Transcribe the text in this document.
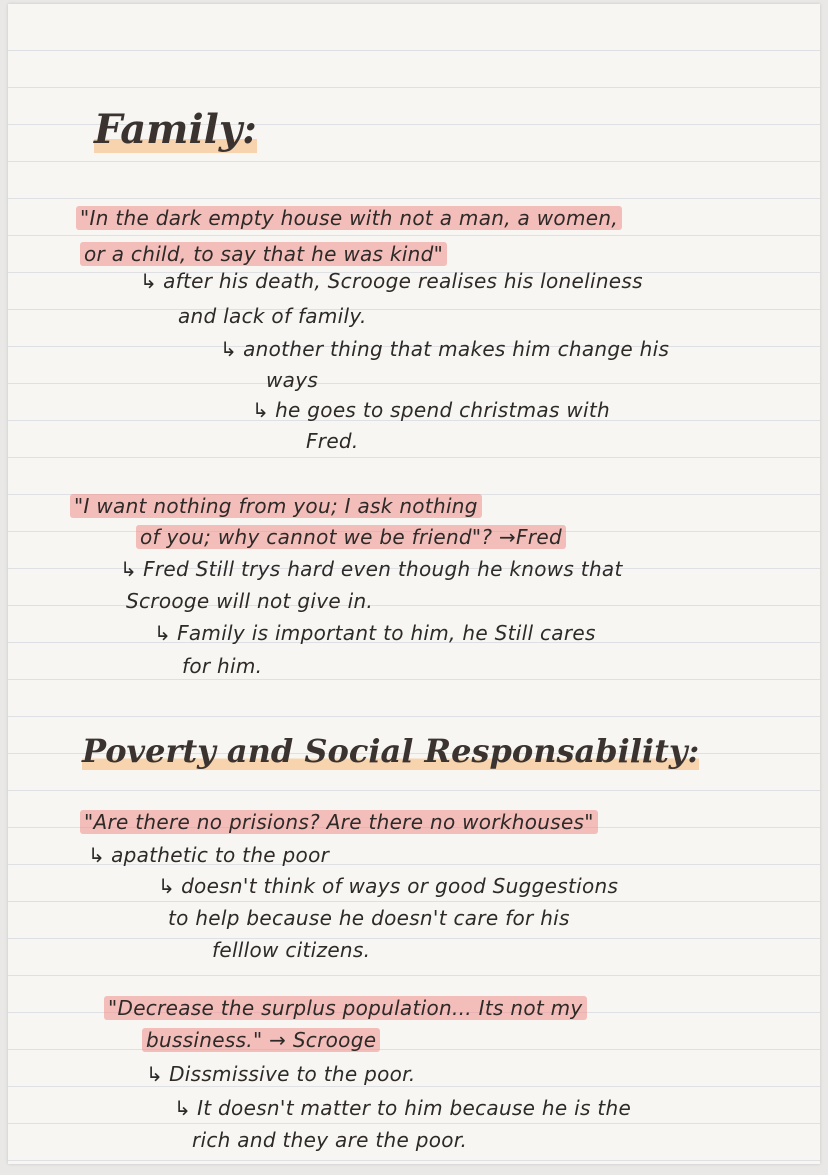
Family:

"In the dark empty house with not a man, a women,

or a child, to say that he was kind"

↳ after his death, Scrooge realises his loneliness

and lack of family.

↳ another thing that makes him change his

ways

↳ he goes to spend christmas with

Fred.

"I want nothing from you; I ask nothing

of you; why cannot we be friend"? →Fred

↳ Fred Still trys hard even though he knows that

Scrooge will not give in.

↳ Family is important to him, he Still cares

for him.

Poverty and Social Responsability:

"Are there no prisions? Are there no workhouses"

↳ apathetic to the poor

↳ doesn't think of ways or good Suggestions

to help because he doesn't care for his

felllow citizens.

"Decrease the surplus population... Its not my

bussiness." → Scrooge

↳ Dissmissive to the poor.

↳ It doesn't matter to him because he is the

rich and they are the poor.
